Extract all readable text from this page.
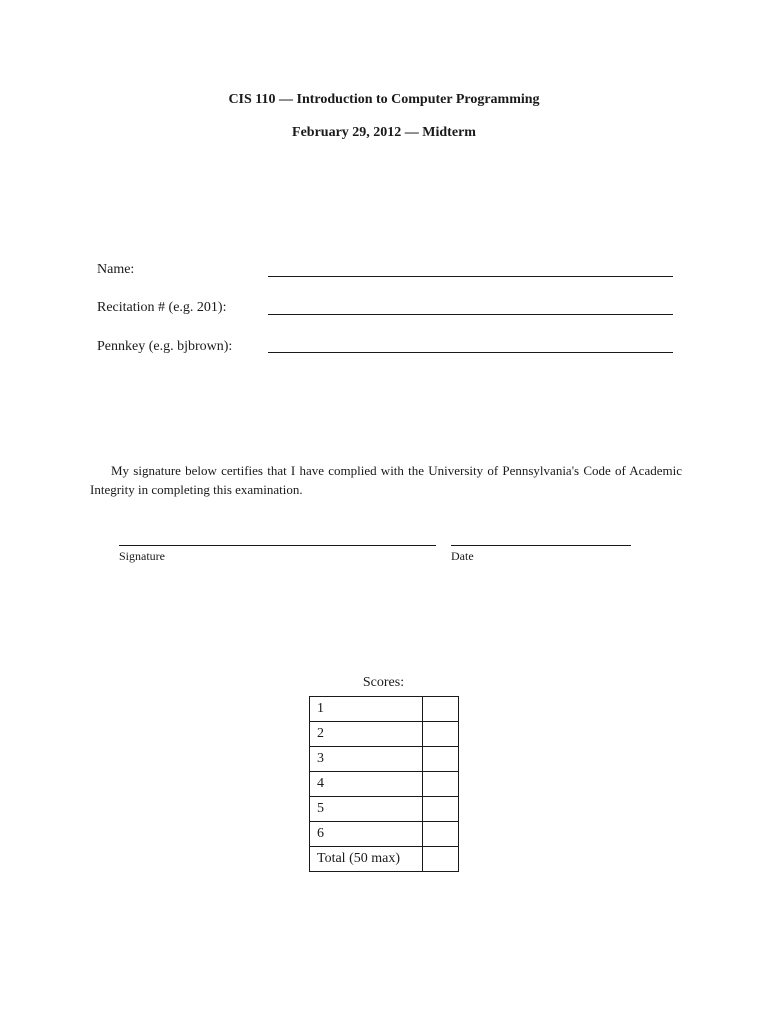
CIS 110 — Introduction to Computer Programming
February 29, 2012 — Midterm
Name:
Recitation # (e.g. 201):
Pennkey (e.g. bjbrown):
My signature below certifies that I have complied with the University of Pennsylvania's Code of Academic Integrity in completing this examination.
Signature	Date
Scores:
1	
2	
3	
4	
5	
6	
Total (50 max)	
